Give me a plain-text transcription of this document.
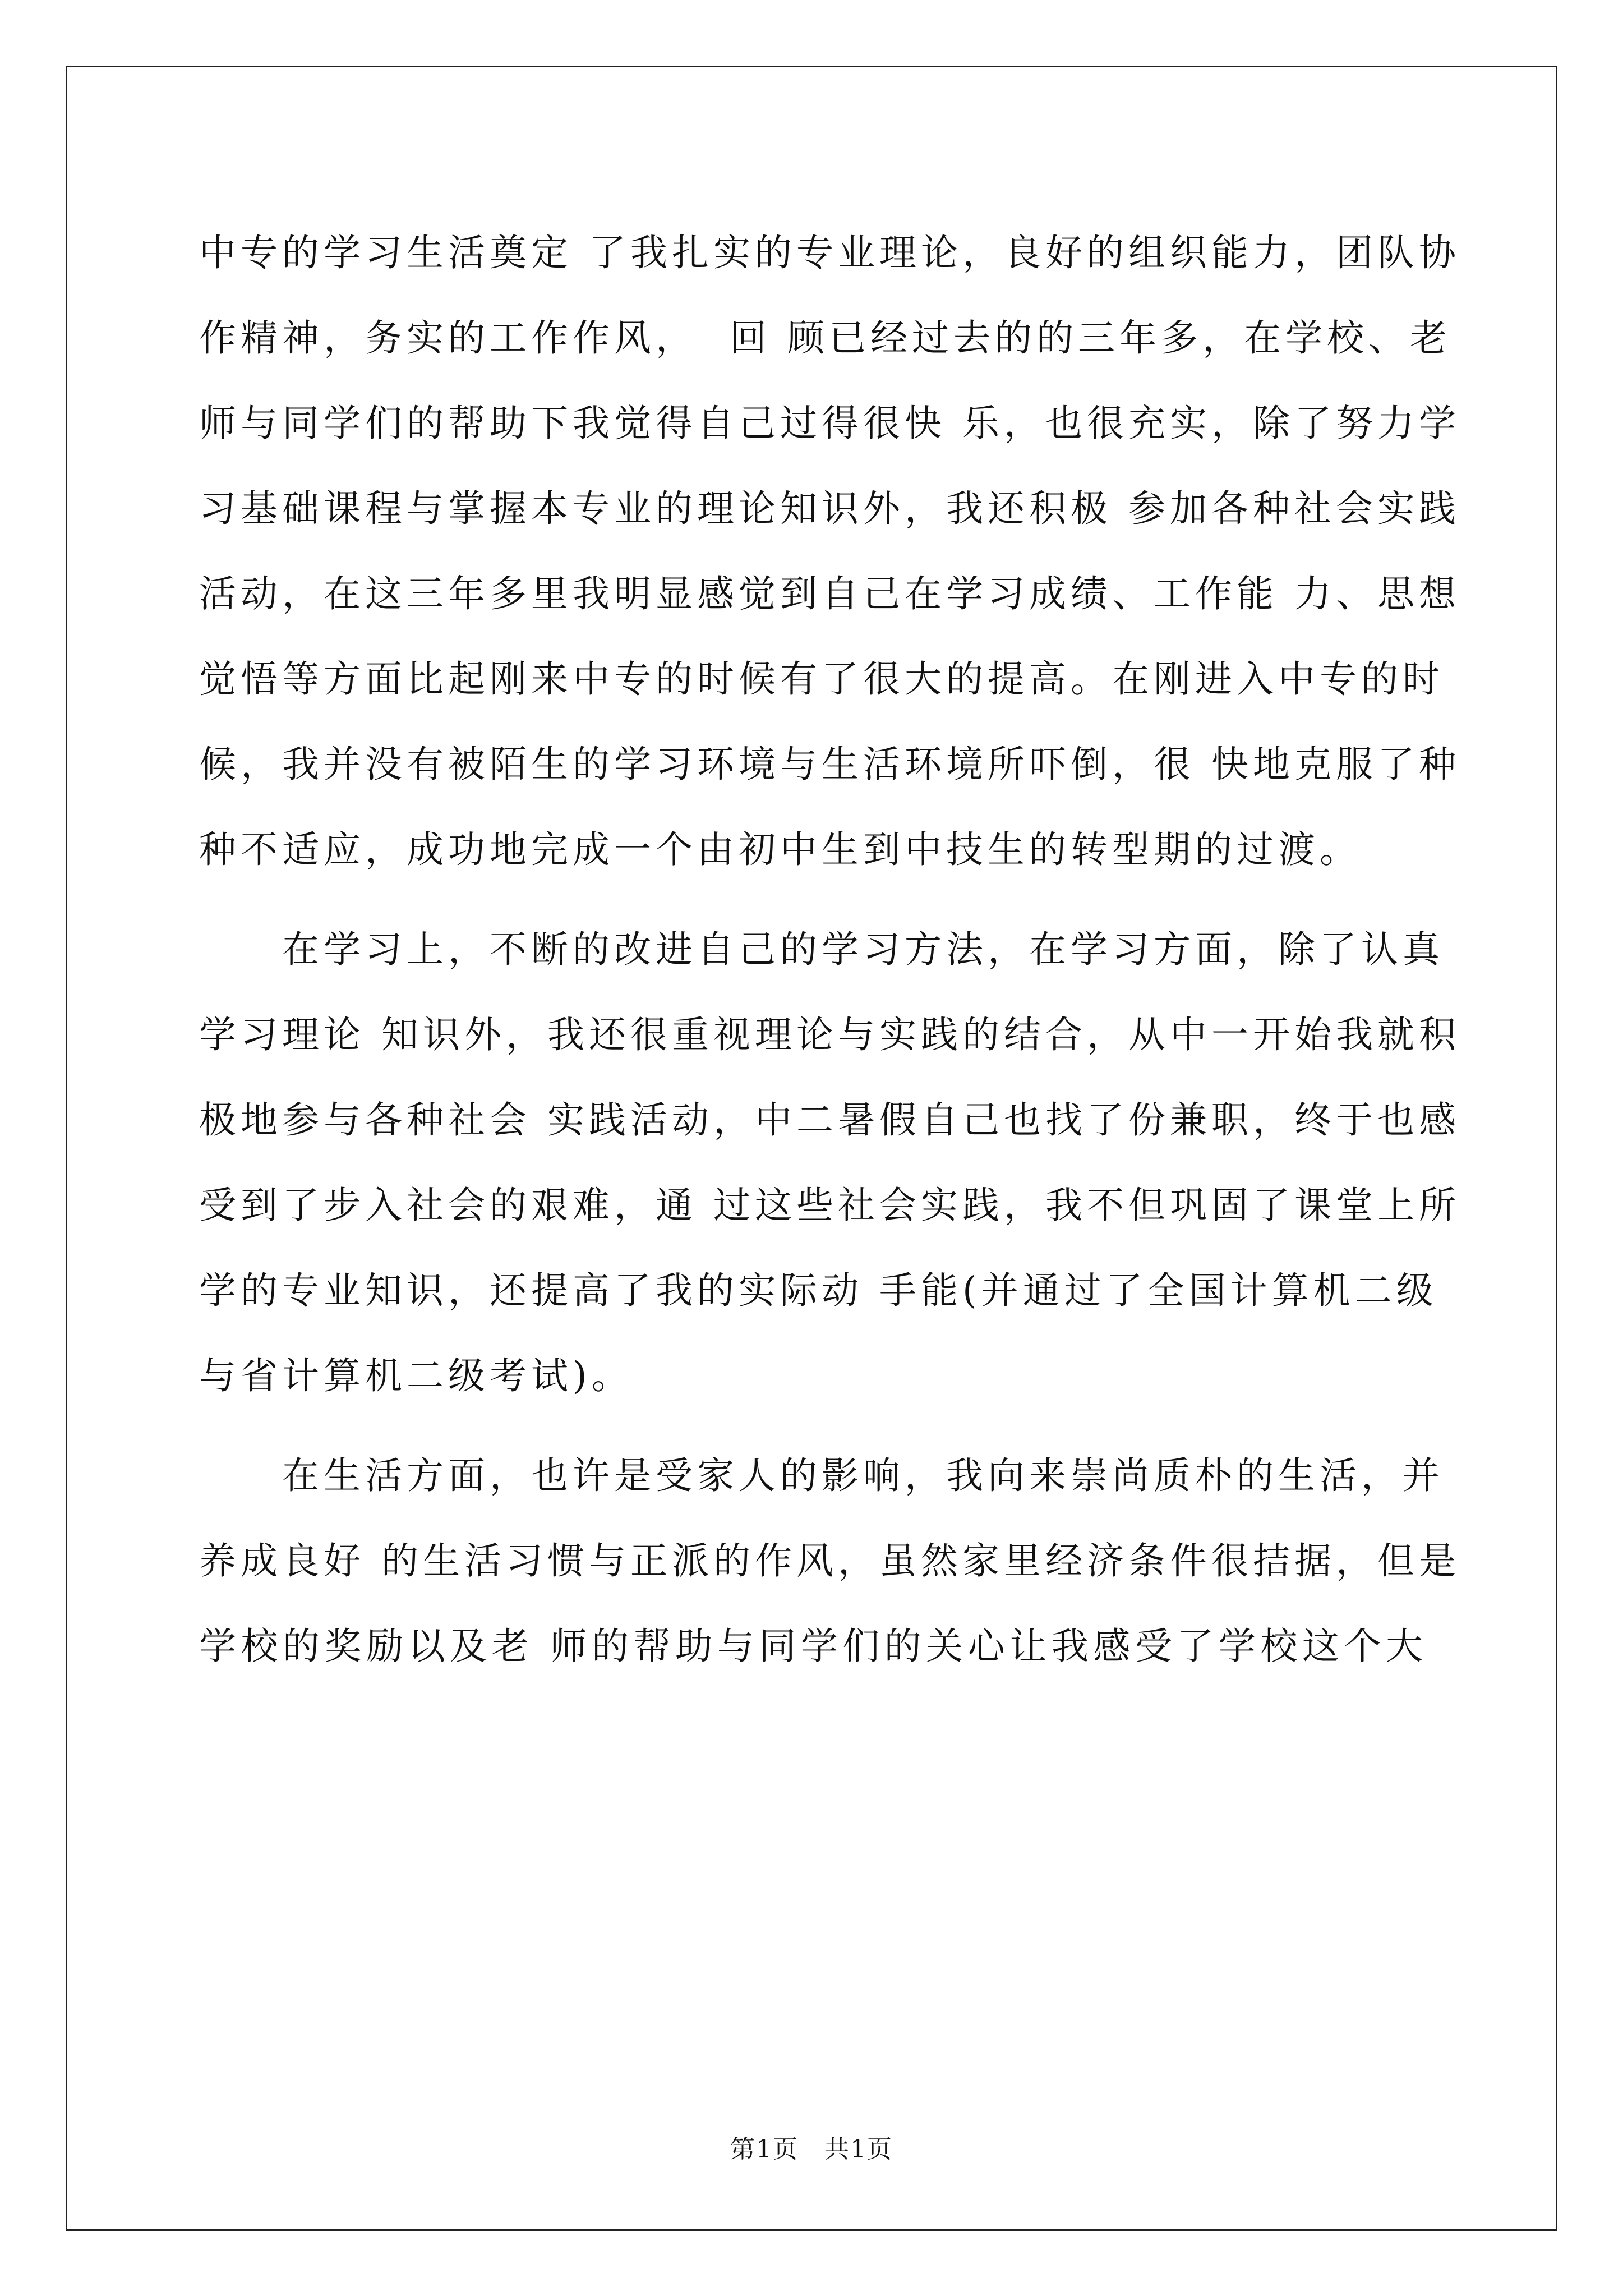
中专的学习生活奠定 了我扎实的专业理论，良好的组织能力，团队协
作精神，务实的工作作风，  回 顾已经过去的的三年多，在学校、老
师与同学们的帮助下我觉得自己过得很快 乐，也很充实，除了努力学
习基础课程与掌握本专业的理论知识外，我还积极 参加各种社会实践
活动，在这三年多里我明显感觉到自己在学习成绩、工作能 力、思想
觉悟等方面比起刚来中专的时候有了很大的提高。在刚进入中专的时
候，我并没有被陌生的学习环境与生活环境所吓倒，很 快地克服了种
种不适应，成功地完成一个由初中生到中技生的转型期的过渡。
　　在学习上，不断的改进自己的学习方法，在学习方面，除了认真
学习理论 知识外，我还很重视理论与实践的结合，从中一开始我就积
极地参与各种社会 实践活动，中二暑假自己也找了份兼职，终于也感
受到了步入社会的艰难，通 过这些社会实践，我不但巩固了课堂上所
学的专业知识，还提高了我的实际动 手能(并通过了全国计算机二级
与省计算机二级考试)。
　　在生活方面，也许是受家人的影响，我向来崇尚质朴的生活，并
养成良好 的生活习惯与正派的作风，虽然家里经济条件很拮据，但是
学校的奖励以及老 师的帮助与同学们的关心让我感受了学校这个大
第1页　共1页
